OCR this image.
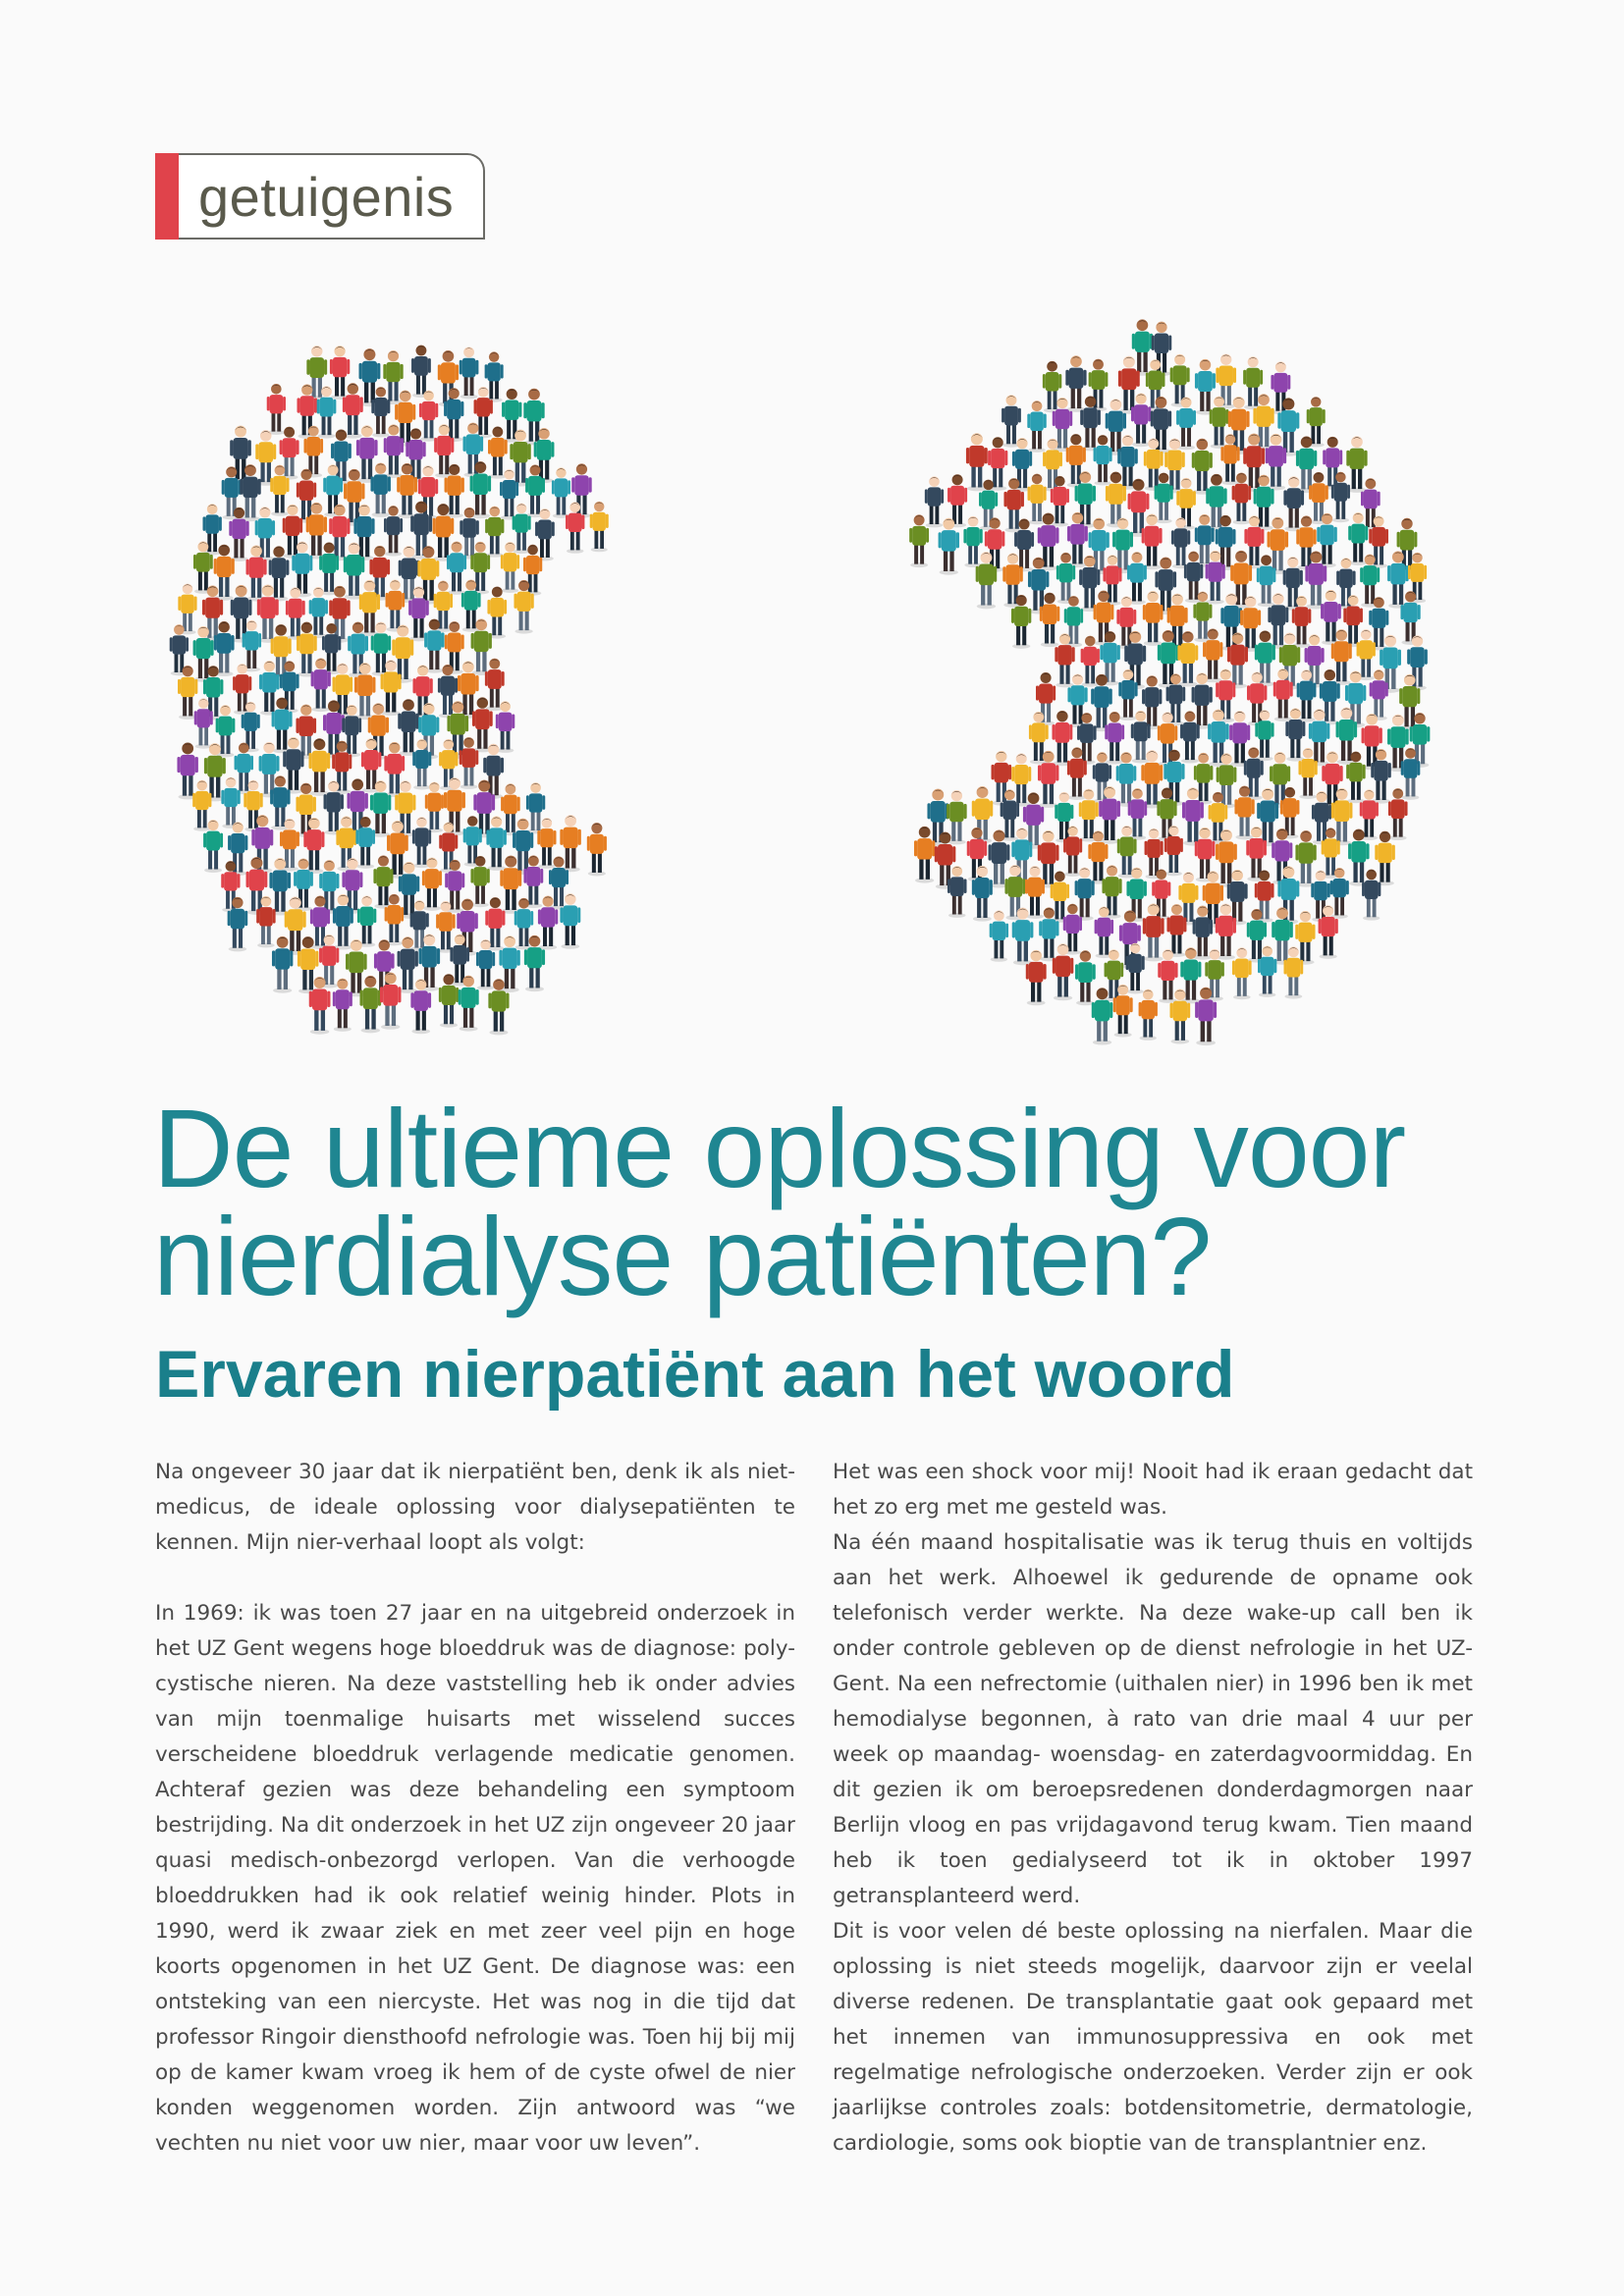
getuigenis
De ultieme oplossing voor
nierdialyse patiënten?
Ervaren nierpatiënt aan het woord

Na ongeveer 30 jaar dat ik nierpatiënt ben, denk ik als niet-medicus, de ideale oplossing voor dialysepatiënten te kennen. Mijn nier-verhaal loopt als volgt:

In 1969: ik was toen 27 jaar en na uitgebreid onderzoek in het UZ Gent wegens hoge bloeddruk was de diagnose: poly-cystische nieren. Na deze vaststelling heb ik onder advies van mijn toenmalige huisarts met wisselend succes verscheidene bloeddruk verlagende medicatie genomen. Achteraf gezien was deze behandeling een symptoom bestrijding. Na dit onderzoek in het UZ zijn ongeveer 20 jaar quasi medisch-onbezorgd verlopen. Van die verhoogde bloeddrukken had ik ook relatief weinig hinder. Plots in 1990, werd ik zwaar ziek en met zeer veel pijn en hoge koorts opgenomen in het UZ Gent. De diagnose was: een ontsteking van een niercyste. Het was nog in die tijd dat professor Ringoir diensthoofd nefrologie was. Toen hij bij mij op de kamer kwam vroeg ik hem of de cyste ofwel de nier konden weggenomen worden. Zijn antwoord was “we vechten nu niet voor uw nier, maar voor uw leven”.

Het was een shock voor mij! Nooit had ik eraan gedacht dat het zo erg met me gesteld was.

Na één maand hospitalisatie was ik terug thuis en voltijds aan het werk. Alhoewel ik gedurende de opname ook telefonisch verder werkte. Na deze wake-up call ben ik onder controle gebleven op de dienst nefrologie in het UZ-Gent. Na een nefrectomie (uithalen nier) in 1996 ben ik met hemodialyse begonnen, à rato van drie maal 4 uur per week op maandag- woensdag- en zaterdagvoormiddag. En dit gezien ik om beroepsredenen donderdagmorgen naar Berlijn vloog en pas vrijdagavond terug kwam. Tien maand heb ik toen gedialyseerd tot ik in oktober 1997 getransplanteerd werd.

Dit is voor velen dé beste oplossing na nierfalen. Maar die oplossing is niet steeds mogelijk, daarvoor zijn er veelal diverse redenen. De transplantatie gaat ook gepaard met het innemen van immunosuppressiva en ook met regelmatige nefrologische onderzoeken. Verder zijn er ook jaarlijkse controles zoals: botdensitometrie, dermatologie, cardiologie, soms ook bioptie van de transplantnier enz.
